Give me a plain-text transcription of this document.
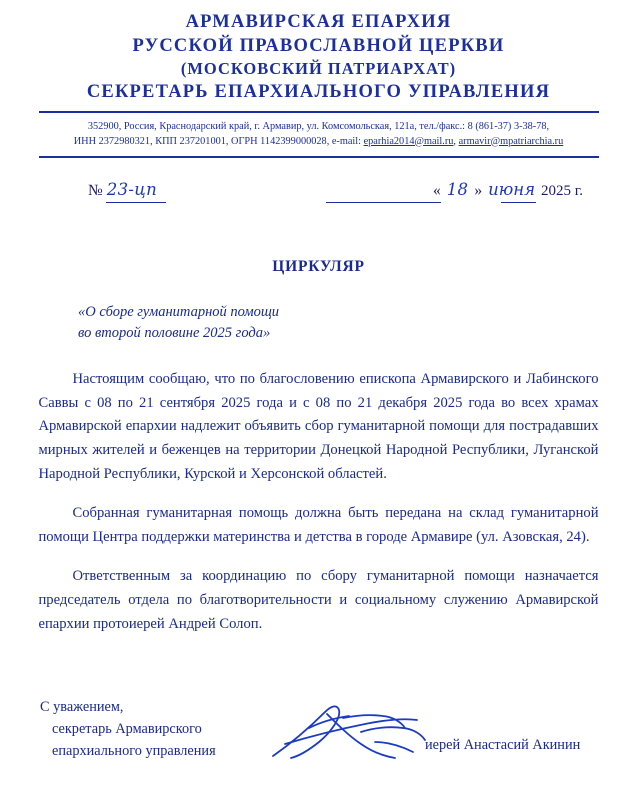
АРМАВИРСКАЯ ЕПАРХИЯ
РУССКОЙ ПРАВОСЛАВНОЙ ЦЕРКВИ
(МОСКОВСКИЙ ПАТРИАРХАТ)
СЕКРЕТАРЬ ЕПАРХИАЛЬНОГО УПРАВЛЕНИЯ
352900, Россия, Краснодарский край, г. Армавир, ул. Комсомольская, 121а, тел./факс.: 8 (861-37) 3-38-78,
ИНН 2372980321, КПП 237201001, ОГРН 1142399000028, e-mail: eparhia2014@mail.ru, armavir@mpatriarchia.ru
№ 23-цп	« 18 » июня 2025 г.
ЦИРКУЛЯР
«О сборе гуманитарной помощи
во второй половине 2025 года»

Настоящим сообщаю, что по благословению епископа Армавирского и Лабинского Саввы с 08 по 21 сентября 2025 года и с 08 по 21 декабря 2025 года во всех храмах Армавирской епархии надлежит объявить сбор гуманитарной помощи для пострадавших мирных жителей и беженцев на территории Донецкой Народной Республики, Луганской Народной Республики, Курской и Херсонской областей.

Собранная гуманитарная помощь должна быть передана на склад гуманитарной помощи Центра поддержки материнства и детства в городе Армавире (ул. Азовская, 24).

Ответственным за координацию по сбору гуманитарной помощи назначается председатель отдела по благотворительности и социальному служению Армавирской епархии протоиерей Андрей Солоп.

С уважением,
секретарь Армавирского
епархиального управления	иерей Анастасий Акинин
